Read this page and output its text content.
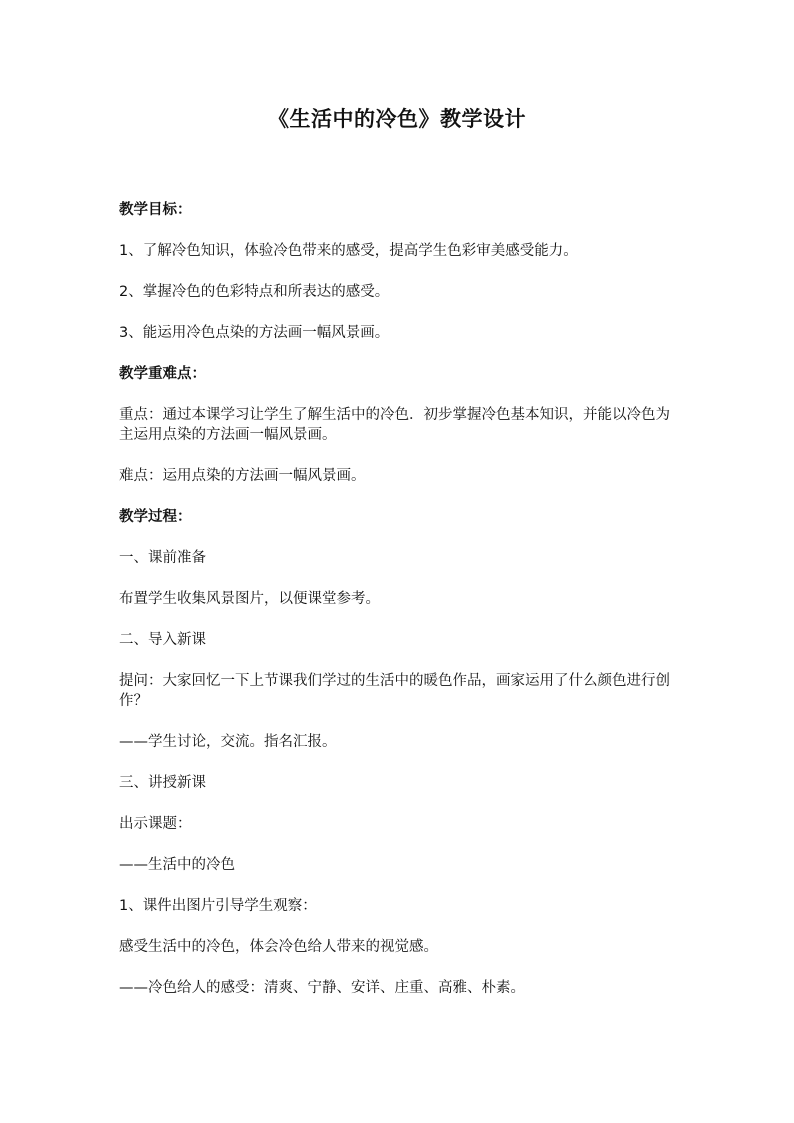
《生活中的冷色》教学设计

教学目标：

1、了解冷色知识，体验冷色带来的感受，提高学生色彩审美感受能力。

2、掌握冷色的色彩特点和所表达的感受。

3、能运用冷色点染的方法画一幅风景画。

教学重难点：

重点：通过本课学习让学生了解生活中的冷色．初步掌握冷色基本知识，并能以冷色为主运用点染的方法画一幅风景画。

难点：运用点染的方法画一幅风景画。

教学过程：

一、课前准备

布置学生收集风景图片，以便课堂参考。

二、导入新课

提问：大家回忆一下上节课我们学过的生活中的暖色作品，画家运用了什么颜色进行创作？

——学生讨论，交流。指名汇报。

三、讲授新课

出示课题：

——生活中的冷色

1、课件出图片引导学生观察：

感受生活中的冷色，体会冷色给人带来的视觉感。

——冷色给人的感受：清爽、宁静、安详、庄重、高雅、朴素。
